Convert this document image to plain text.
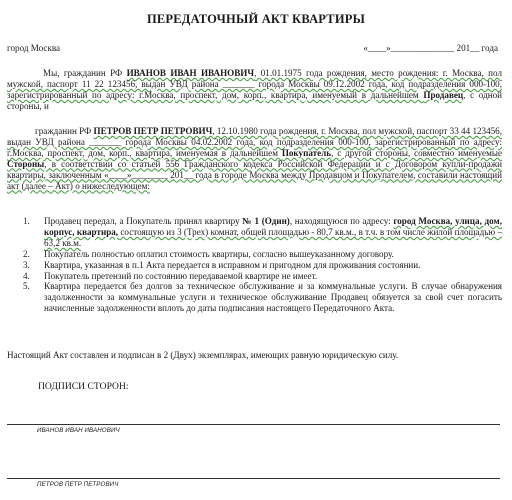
ПЕРЕДАТОЧНЫЙ АКТ КВАРТИРЫ
город Москва	«____»______________ 201__ года
Мы, гражданин РФ ИВАНОВ ИВАН ИВАНОВИЧ, 01.01.1975 года рождения, место рождения: г. Москва, пол мужской, паспорт 11 22 123456, выдан УВД района _______ города Москвы 09.12.2002 года, код подразделения 000-100, зарегистрированный по адресу: г.Москва, проспект, дом, корп., квартира, именуемый в дальнейшем Продавец, с одной стороны, и
гражданин РФ ПЕТРОВ ПЕТР ПЕТРОВИЧ, 12.10.1980 года рождения, г. Москва, пол мужской, паспорт 33 44 123456, выдан УВД района _______ города Москвы 04.02.2002 года, код подразделения 000-100, зарегистрированный по адресу: г.Москва, проспект, дом, корп., квартира, именуемая в дальнейшем Покупатель, с другой стороны, совместно именуемые Стороны, в соответствии со статьей 556 Гражданского кодекса Российской Федерации и с Договором купли-продажи квартиры, заключенным «____»________ 201__ года в городе Москва между Продавцом и Покупателем, составили настоящий акт (далее – Акт) о нижеследующем:
1. Продавец передал, а Покупатель принял квартиру № 1 (Один), находящуюся по адресу: город Москва, улица, дом, корпус, квартира, состоящую из 3 (Трех) комнат, общей площадью - 80,7 кв.м., в т.ч. в том числе жилой площадью – 63,2 кв.м.
2. Покупатель полностью оплатил стоимость квартиры, согласно вышеуказанному договору.
3. Квартира, указанная в п.1 Акта передается в исправном и пригодном для проживания состоянии.
4. Покупатель претензий по состоянию передаваемой квартире не имеет.
5. Квартира передается без долгов за техническое обслуживание и за коммунальные услуги. В случае обнаружения задолженности за коммунальные услуги и техническое обслуживание Продавец обязуется за свой счет погасить начисленные задолженности вплоть до даты подписания настоящего Передаточного Акта.
Настоящий Акт составлен и подписан в 2 (Двух) экземплярах, имеющих равную юридическую силу.
ПОДПИСИ СТОРОН:
ИВАНОВ ИВАН ИВАНОВИЧ
ПЕТРОВ ПЕТР ПЕТРОВИЧ
